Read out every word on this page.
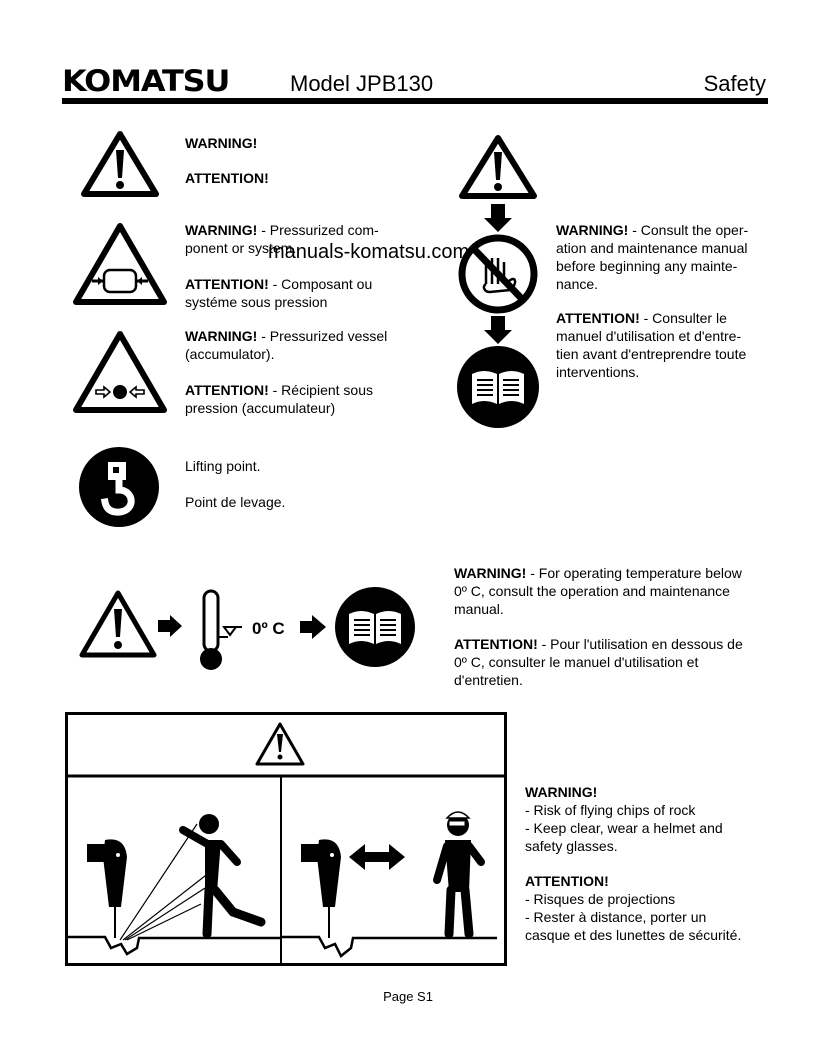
KOMATSU	Model JPB130	Safety

WARNING!

ATTENTION!

WARNING! - Pressurized com-

ponent or system.

ATTENTION! - Composant ou

systéme sous pression

WARNING! - Pressurized vessel

(accumulator).

ATTENTION! - Récipient sous

pression (accumulateur)

Lifting point.

Point de levage.

WARNING! - Consult the oper-

ation and maintenance manual

before beginning any mainte-

nance.

ATTENTION! - Consulter le

manuel d'utilisation et d'entre-

tien avant d'entreprendre toute

interventions.

manuals-komatsu.com
0º C

WARNING! - For operating temperature below

0º C, consult the operation and maintenance

manual.

ATTENTION! - Pour l'utilisation en dessous de

0º C, consulter le manuel d'utilisation et

d'entretien.

WARNING!

- Risk of flying chips of rock

- Keep clear, wear a helmet and

safety glasses.

ATTENTION!

- Risques de projections

- Rester à distance, porter un

casque et des lunettes de sécurité.

Page S1
